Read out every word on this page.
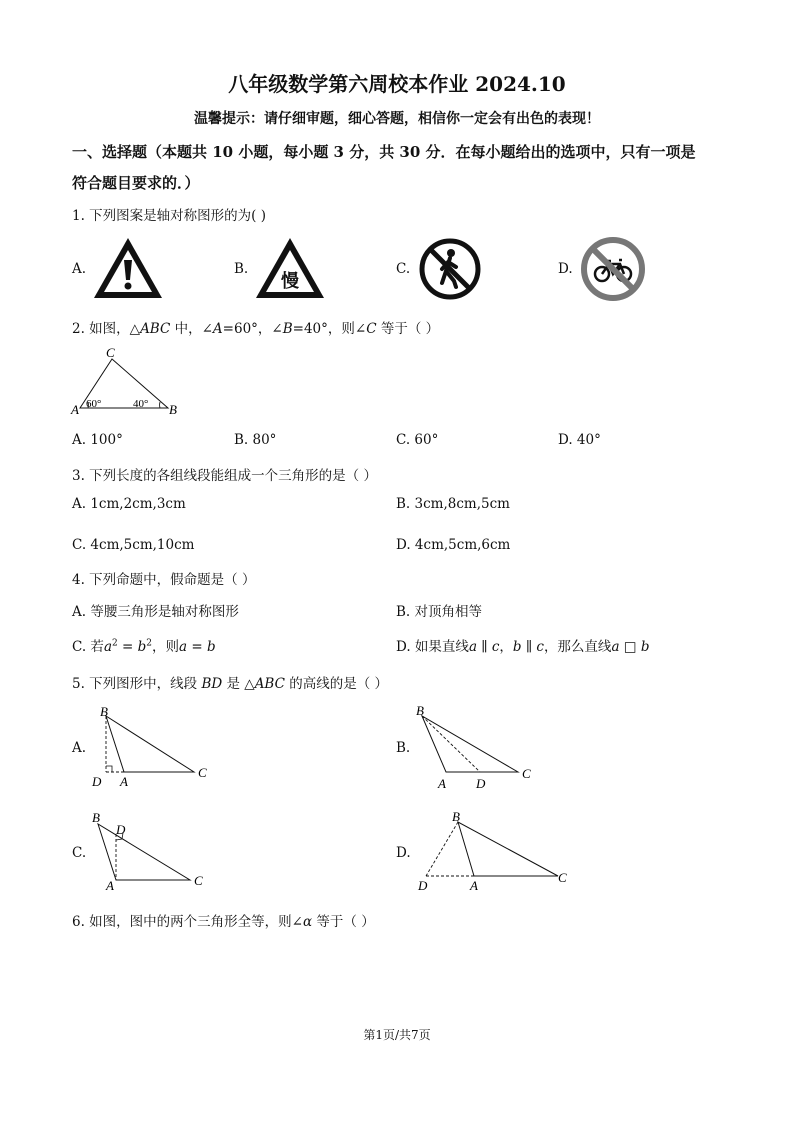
八年级数学第六周校本作业 2024.10
温馨提示：请仔细审题，细心答题，相信你一定会有出色的表现！
一、选择题（本题共 10 小题，每小题 3 分，共 30 分．在每小题给出的选项中，只有一项是
符合题目要求的．）
1. 下列图案是轴对称图形的为( )
A.	B.	C.	D.
慢
2. 如图，△ABC 中，∠A=60°，∠B=40°，则∠C 等于（ ）
C
A	B
60°	40°
A. 100°	B. 80°	C. 60°	D. 40°
3. 下列长度的各组线段能组成一个三角形的是（ ）
A. 1cm,2cm,3cm	B. 3cm,8cm,5cm
C. 4cm,5cm,10cm	D. 4cm,5cm,6cm
4. 下列命题中，假命题是（ ）
A. 等腰三角形是轴对称图形	B. 对顶角相等
C. 若$a^2 = b^2$，则a = b	D. 如果直线a ∥ c，b ∥ c，那么直线a □ b
5. 下列图形中，线段 BD 是 △ABC 的高线的是（ ）
A.	B.
C.	D.
B
D A
C
B
A D
C
B
D
A	C
B
D	A
C
6. 如图，图中的两个三角形全等，则∠α 等于（ ）
第1页/共7页
